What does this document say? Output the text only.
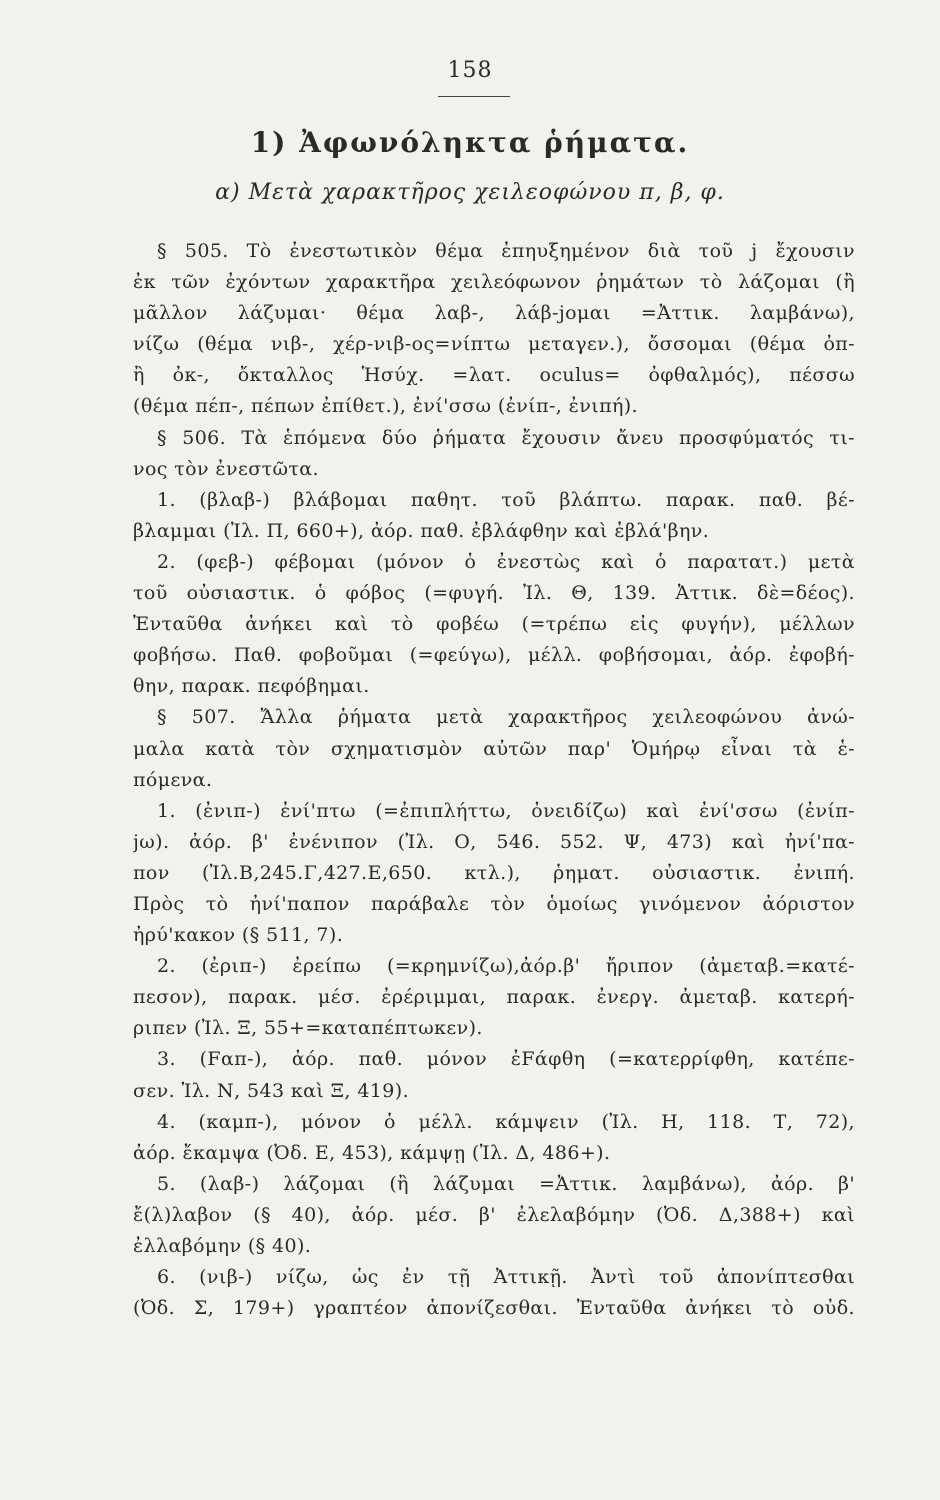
158
1) Ἀφωνόληκτα ῥήματα.
α) Μετὰ χαρακτῆρος χειλεοφώνου π, β, φ.
§ 505. Τὸ ἐνεστωτικὸν θέμα ἐπηυξημένον διὰ τοῦ j ἔχουσιν
ἐκ τῶν ἐχόντων χαρακτῆρα χειλεόφωνον ῥημάτων τὸ λάζομαι (ἢ
μᾶλλον λάζυμαι· θέμα λαβ-, λάβ-jομαι =Ἀττικ. λαμβάνω),
νίζω (θέμα νιβ-, χέρ-νιβ-ος=νίπτω μεταγεν.), ὄσσομαι (θέμα ὀπ-
ἢ ὀκ-, ὄκταλλος Ἡσύχ. =λατ. oculus= ὀφθαλμός), πέσσω
(θέμα πέπ-, πέπων ἐπίθετ.), ἐνί'σσω (ἐνίπ-, ἐνιπή).
§ 506. Τὰ ἑπόμενα δύο ῥήματα ἔχουσιν ἄνευ προσφύματός τι-
νος τὸν ἐνεστῶτα.
1. (βλαβ-) βλάβομαι παθητ. τοῦ βλάπτω. παρακ. παθ. βέ-
βλαμμαι (Ἰλ. Π, 660+), ἀόρ. παθ. ἐβλάφθην καὶ ἐβλά'βην.
2. (φεβ-) φέβομαι (μόνον ὁ ἐνεστὼς καὶ ὁ παρατατ.) μετὰ
τοῦ οὐσιαστικ. ὁ φόβος (=φυγή. Ἰλ. Θ, 139. Ἀττικ. δὲ=δέος).
Ἐνταῦθα ἀνήκει καὶ τὸ φοβέω (=τρέπω εἰς φυγήν), μέλλων
φοβήσω. Παθ. φοβοῦμαι (=φεύγω), μέλλ. φοβήσομαι, ἀόρ. ἐφοβή-
θην, παρακ. πεφόβημαι.
§ 507. Ἄλλα ῥήματα μετὰ χαρακτῆρος χειλεοφώνου ἀνώ-
μαλα κατὰ τὸν σχηματισμὸν αὐτῶν παρ' Ὁμήρῳ εἶναι τὰ ἑ-
πόμενα.
1. (ἐνιπ-) ἐνί'πτω (=ἐπιπλήττω, ὀνειδίζω) καὶ ἐνί'σσω (ἐνίπ-
jω). ἀόρ. β' ἐνένιπον (Ἰλ. Ο, 546. 552. Ψ, 473) καὶ ἠνί'πα-
πον (Ἰλ.Β,245.Γ,427.Ε,650. κτλ.), ῥηματ. οὐσιαστικ. ἐνιπή.
Πρὸς τὸ ἠνί'παπον παράβαλε τὸν ὁμοίως γινόμενον ἀόριστον
ἠρύ'κακον (§ 511, 7).
2. (ἐριπ-) ἐρείπω (=κρημνίζω),ἀόρ.β' ἤριπον (ἀμεταβ.=κατέ-
πεσον), παρακ. μέσ. ἐρέριμμαι, παρακ. ἐνεργ. ἀμεταβ. κατερή-
ριπεν (Ἰλ. Ξ, 55+=καταπέπτωκεν).
3. (Fαπ-), ἀόρ. παθ. μόνον ἐFάφθη (=κατερρίφθη, κατέπε-
σεν. Ἰλ. Ν, 543 καὶ Ξ, 419).
4. (καμπ-), μόνον ὁ μέλλ. κάμψειν (Ἰλ. Η, 118. Τ, 72),
ἀόρ. ἔκαμψα (Ὀδ. Ε, 453), κάμψῃ (Ἰλ. Δ, 486+).
5. (λαβ-) λάζομαι (ἢ λάζυμαι =Ἀττικ. λαμβάνω), ἀόρ. β'
ἔ(λ)λαβον (§ 40), ἀόρ. μέσ. β' ἐλελαβόμην (Ὀδ. Δ,388+) καὶ
ἐλλαβόμην (§ 40).
6. (νιβ-) νίζω, ὡς ἐν τῇ Ἀττικῇ. Ἀντὶ τοῦ ἀπονίπτεσθαι
(Ὀδ. Σ, 179+) γραπτέον ἀπονίζεσθαι. Ἐνταῦθα ἀνήκει τὸ οὐδ.
